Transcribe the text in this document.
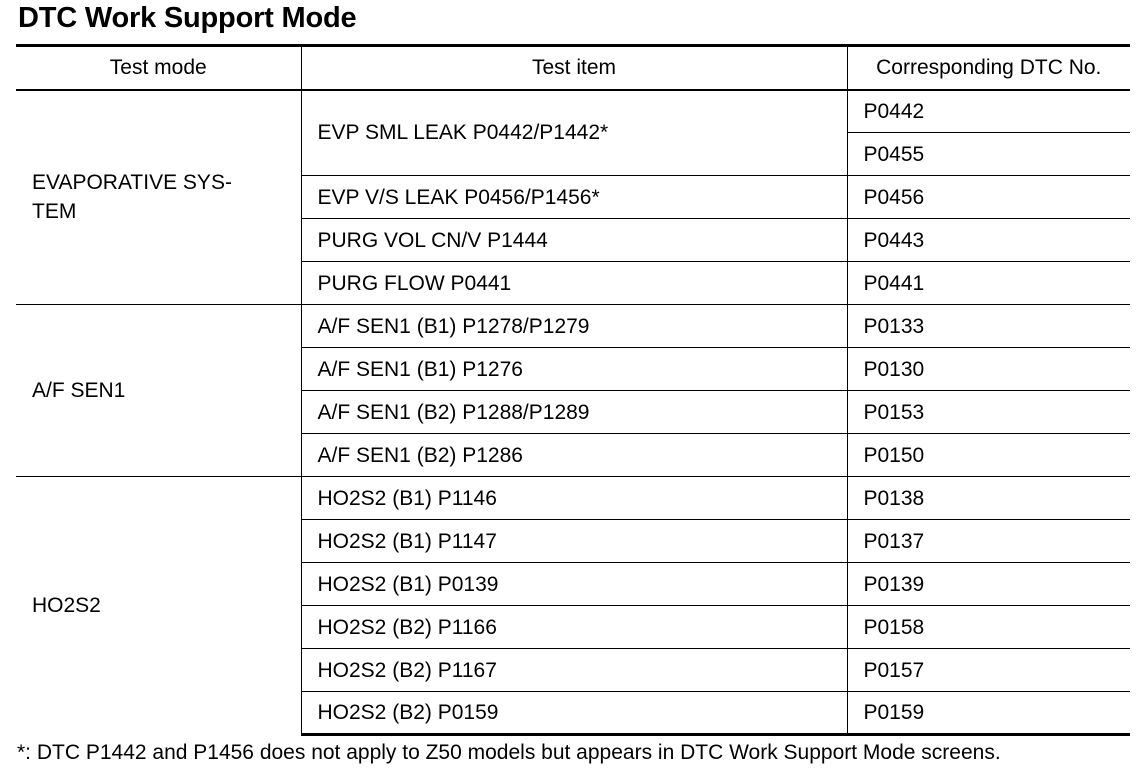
DTC Work Support Mode
Test mode	Test item	Corresponding DTC No.

EVAPORATIVE SYS-
TEM	EVP SML LEAK P0442/P1442*	P0442
		P0455
	EVP V/S LEAK P0456/P1456*	P0456
	PURG VOL CN/V P1444	P0443
	PURG FLOW P0441	P0441

A/F SEN1	A/F SEN1 (B1) P1278/P1279	P0133
	A/F SEN1 (B1) P1276	P0130
	A/F SEN1 (B2) P1288/P1289	P0153
	A/F SEN1 (B2) P1286	P0150

HO2S2	HO2S2 (B1) P1146	P0138
	HO2S2 (B1) P1147	P0137
	HO2S2 (B1) P0139	P0139
	HO2S2 (B2) P1166	P0158
	HO2S2 (B2) P1167	P0157
	HO2S2 (B2) P0159	P0159
*: DTC P1442 and P1456 does not apply to Z50 models but appears in DTC Work Support Mode screens.
